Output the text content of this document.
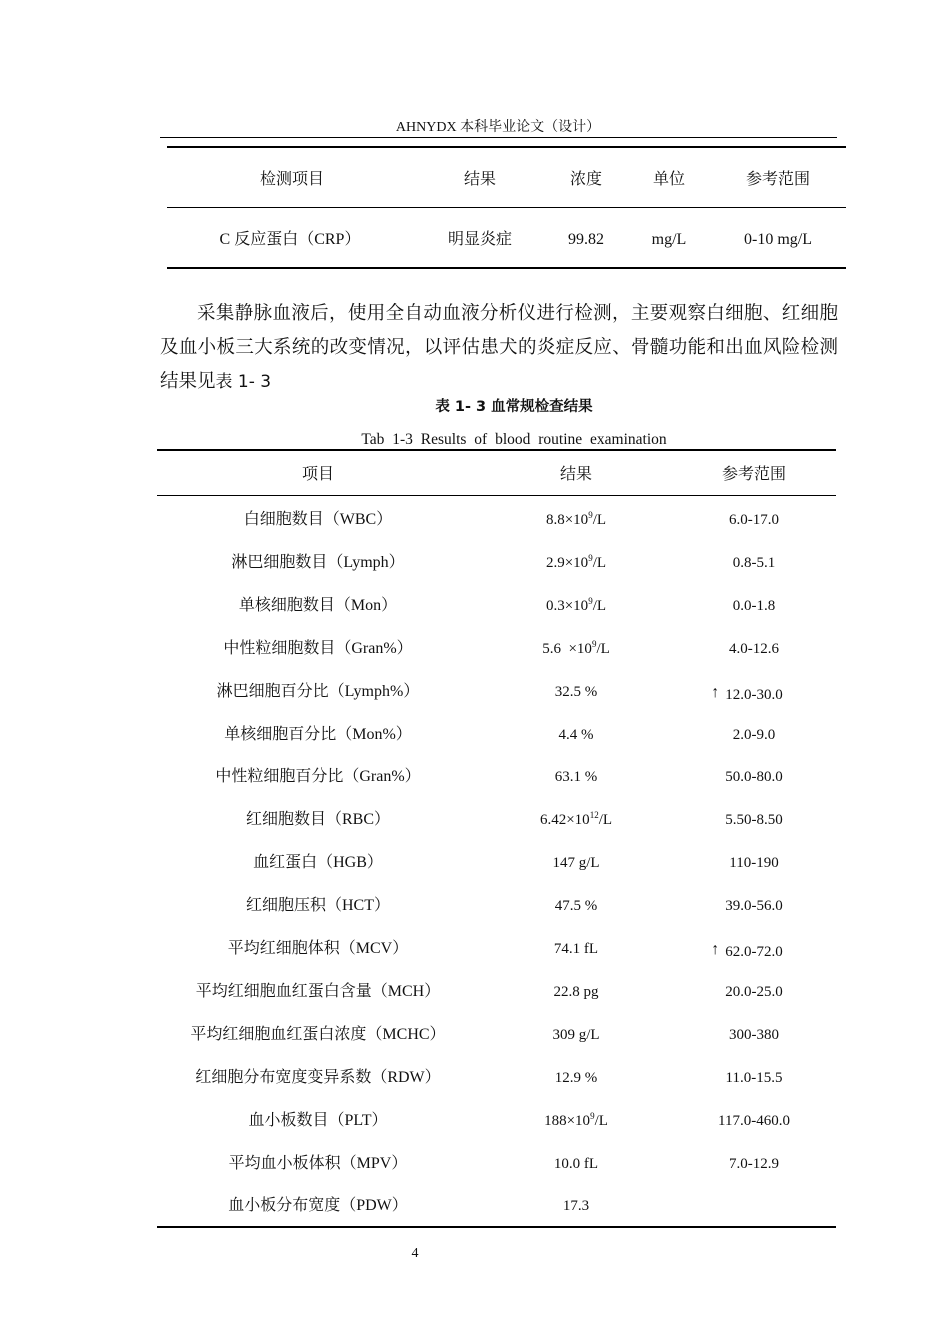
AHNYDX 本科毕业论文（设计）
检测项目	结果	浓度	单位	参考范围
C 反应蛋白（CRP）	明显炎症	99.82	mg/L	0-10 mg/L
采集静脉血液后，使用全自动血液分析仪进行检测，主要观察白细胞、红细胞及血小板三大系统的改变情况，以评估患犬的炎症反应、骨髓功能和出血风险检测结果见表 1- 3
表 1- 3 血常规检查结果
Tab 1-3 Results of blood routine examination
项目	结果	参考范围
白细胞数目（WBC）	$8.8\times 10^9/L$	6.0-17.0
淋巴细胞数目（Lymph）	$2.9\times 10^9/L$	0.8-5.1
单核细胞数目（Mon）	$0.3\times 10^9/L$	0.0-1.8
中性粒细胞数目（Gran%）	$5.6 \times 10^9/L$	4.0-12.6
淋巴细胞百分比（Lymph%）	32.5 %	↑ 12.0-30.0
单核细胞百分比（Mon%）	4.4 %	2.0-9.0
中性粒细胞百分比（Gran%）	63.1 %	50.0-80.0
红细胞数目（RBC）	$6.42\times 10^{12}/L$	5.50-8.50
血红蛋白（HGB）	147 g/L	110-190
红细胞压积（HCT）	47.5 %	39.0-56.0
平均红细胞体积（MCV）	74.1 fL	↑ 62.0-72.0
平均红细胞血红蛋白含量（MCH）	22.8 pg	20.0-25.0
平均红细胞血红蛋白浓度（MCHC）	309 g/L	300-380
红细胞分布宽度变异系数（RDW）	12.9 %	11.0-15.5
血小板数目（PLT）	$188\times 10^9/L$	117.0-460.0
平均血小板体积（MPV）	10.0 fL	7.0-12.9
血小板分布宽度（PDW）	17.3
4
